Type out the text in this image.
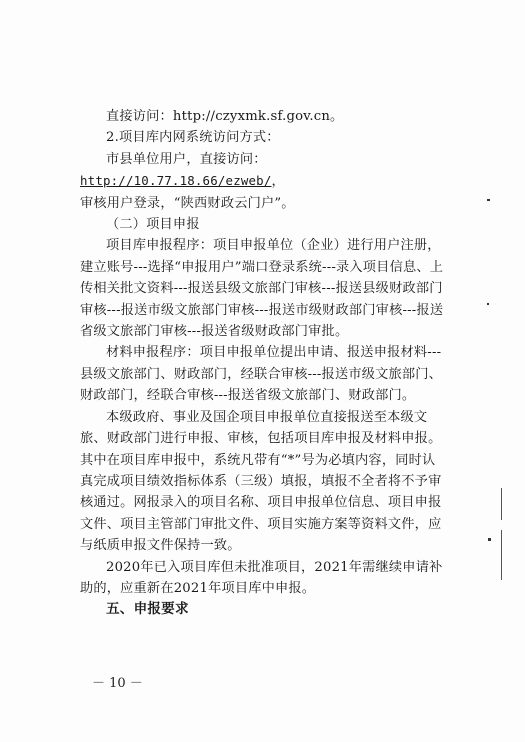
直接访问：http://czyxmk.sf.gov.cn。

2.项目库内网系统访问方式：

市县单位用户，直接访问：http://10.77.18.66/ezweb/，

审核用户登录，“陕西财政云门户”。

（二）项目申报

项目库申报程序：项目申报单位（企业）进行用户注册，建立账号---选择“申报用户”端口登录系统---录入项目信息、上传相关批文资料---报送县级文旅部门审核---报送县级财政部门审核---报送市级文旅部门审核---报送市级财政部门审核---报送省级文旅部门审核---报送省级财政部门审批。

材料申报程序：项目申报单位提出申请、报送申报材料---县级文旅部门、财政部门，经联合审核---报送市级文旅部门、财政部门，经联合审核---报送省级文旅部门、财政部门。

本级政府、事业及国企项目申报单位直接报送至本级文旅、财政部门进行申报、审核，包括项目库申报及材料申报。其中在项目库申报中，系统凡带有“*”号为必填内容，同时认真完成项目绩效指标体系（三级）填报，填报不全者将不予审核通过。网报录入的项目名称、项目申报单位信息、项目申报文件、项目主管部门审批文件、项目实施方案等资料文件，应与纸质申报文件保持一致。

2020年已入项目库但未批准项目，2021年需继续申请补助的，应重新在2021年项目库中申报。

五、申报要求

－ 10 －
